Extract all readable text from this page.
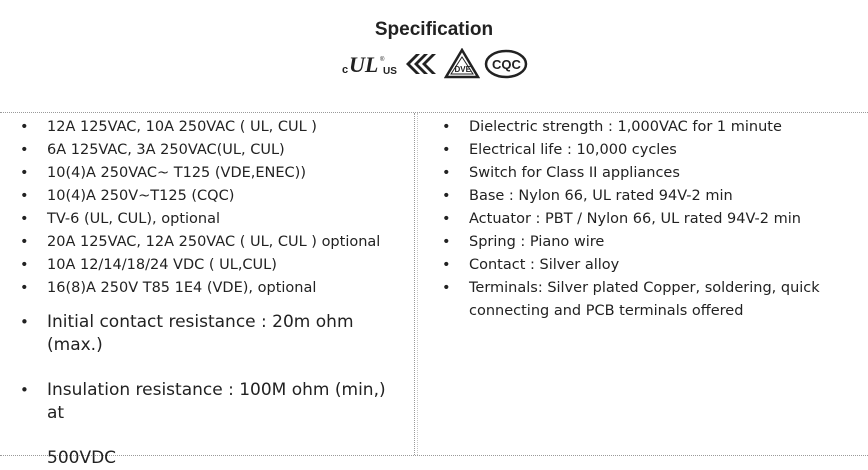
Specification
c UL ®
US	DVE CQC
• 12A 125VAC, 10A 250VAC ( UL, CUL )
• 6A 125VAC, 3A 250VAC(UL, CUL)
• 10(4)A 250VAC~ T125 (VDE,ENEC))
• 10(4)A 250V~T125 (CQC)
• TV-6 (UL, CUL), optional
• 20A 125VAC, 12A 250VAC ( UL, CUL ) optional
• 10A 12/14/18/24 VDC ( UL,CUL)
• 16(8)A 250V T85 1E4 (VDE), optional
• Initial contact resistance : 20m ohm (max.)
• Insulation resistance : 100M ohm (min,) at
500VDC
• Dielectric strength : 1,000VAC for 1 minute
• Electrical life : 10,000 cycles
• Switch for Class II appliances
• Base : Nylon 66, UL rated 94V-2 min
• Actuator : PBT / Nylon 66, UL rated 94V-2 min
• Spring : Piano wire
• Contact : Silver alloy
• Terminals: Silver plated Copper, soldering, quick
connecting and PCB terminals offered
